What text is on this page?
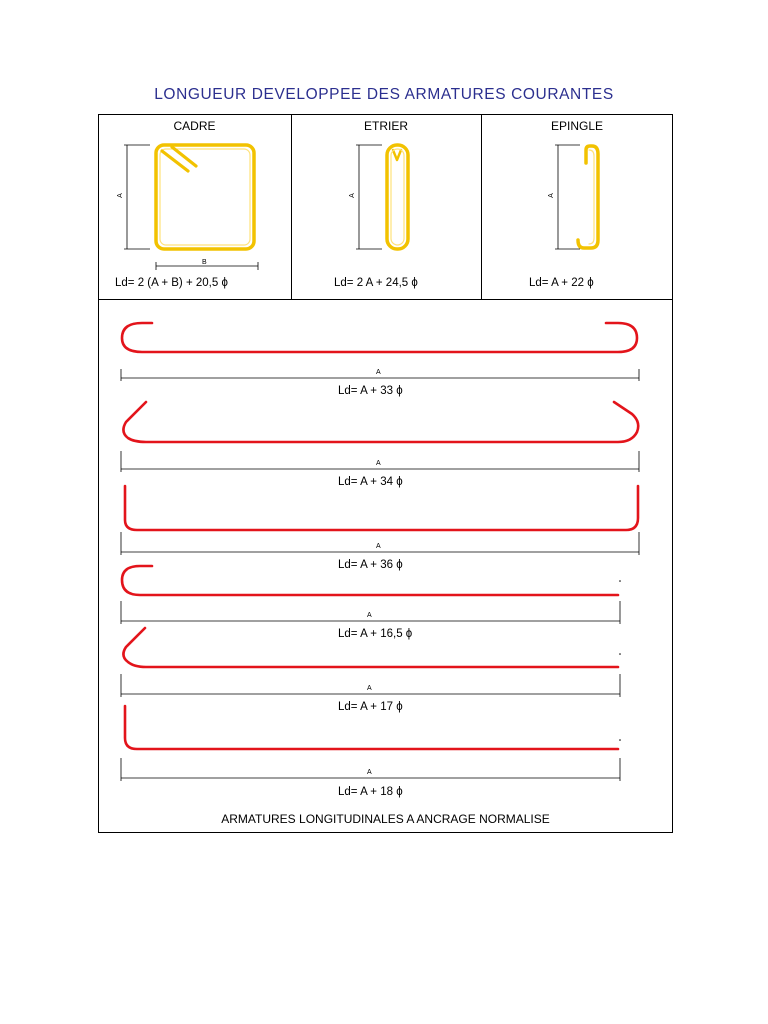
LONGUEUR DEVELOPPEE DES ARMATURES COURANTES
CADRE	ETRIER	EPINGLE
A
B
A	A
Ld= 2 (A + B) + 20,5 ϕ	Ld= 2 A + 24,5 ϕ	Ld= A + 22 ϕ
A
A
A
A
A
A
Ld= A + 33 ϕ
Ld= A + 34 ϕ
Ld= A + 36 ϕ
Ld= A + 16,5 ϕ
Ld= A + 17 ϕ
Ld= A + 18 ϕ
ARMATURES LONGITUDINALES A ANCRAGE NORMALISE
